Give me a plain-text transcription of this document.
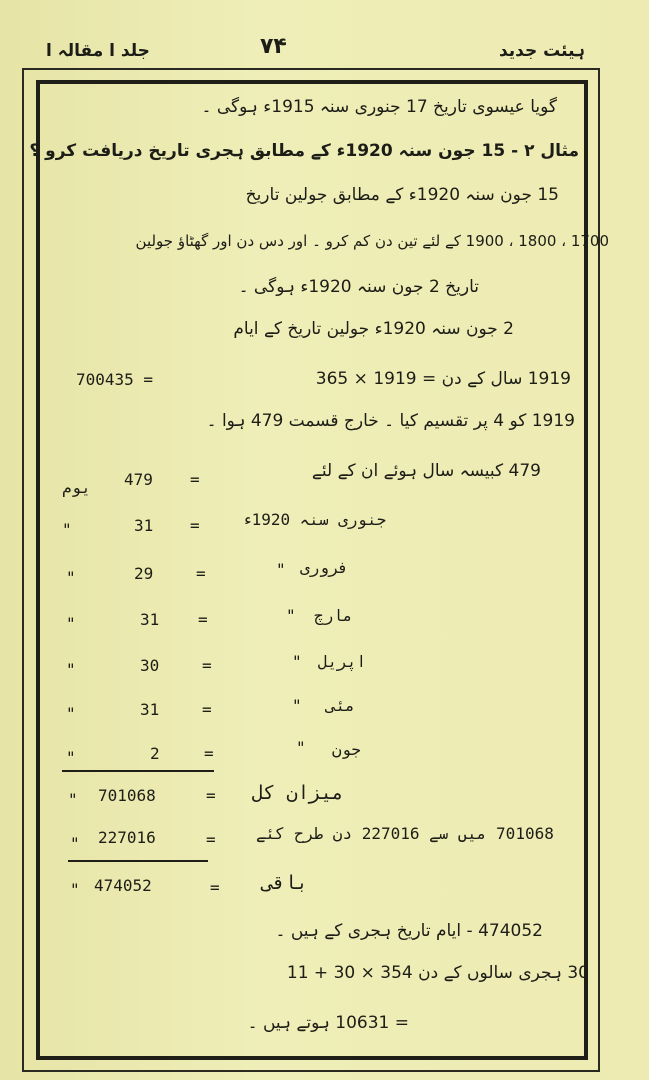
جلد ا مقالہ ا	۷۴	ہیئت جدید
گویا عیسوی تاریخ 17 جنوری سنہ 1915ء ہوگی ۔
مثال ۲ - 15 جون سنہ 1920ء کے مطابق ہجری تاریخ دریافت کرو ؟
15 جون سنہ 1920ء کے مطابق جولین تاریخ
1700 ، 1800 ، 1900 کے لئے تین دن کم کرو ۔ اور دس دن اور گھٹاؤ جولین
تاریخ 2 جون سنہ 1920ء ہوگی ۔
2 جون سنہ 1920ء جولین تاریخ کے ایام
700435 =	1919 سال کے دن = 1919 × 365
1919 کو 4 پر تقسیم کیا ۔ خارج قسمت 479 ہوا ۔
479 کبیسہ سال ہوئے ان کے لئے
یوم 479 =
"	31 =	جنوری سنہ 1920ء
"	29	=	" فروری
"	31 =	" مارچ
"	30	=	" اپریل
"	31	=	" مئی
"	2	=	" جون
" 701068	= میزان کل
" 227016	=	701068 میں سے 227016 دن طرح کئے
" 474052	= باقی
474052 - ایام تاریخ ہجری کے ہیں ۔
30 ہجری سالوں کے دن 354 × 30 + 11
= 10631 ہوتے ہیں ۔
